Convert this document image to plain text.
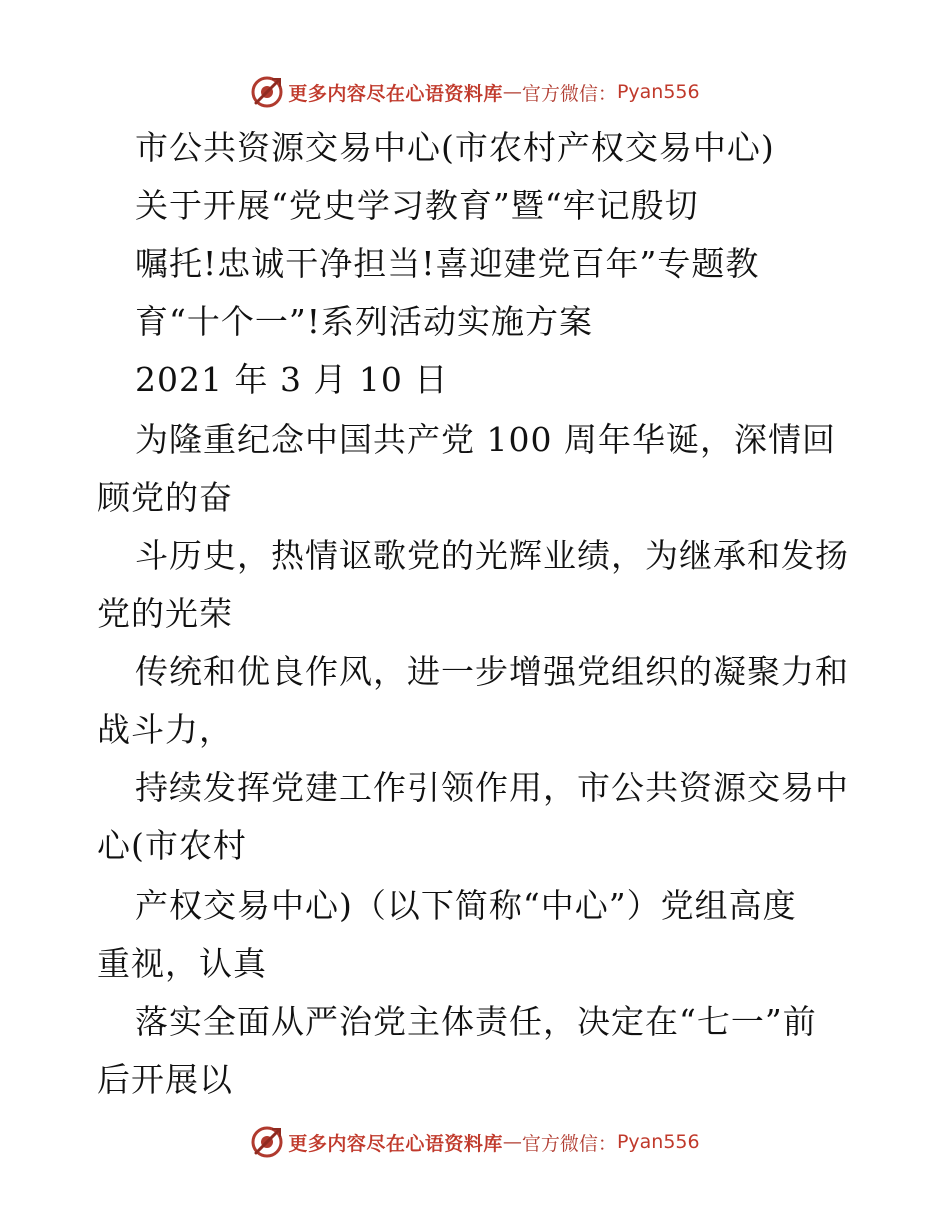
更多内容尽在心语资料库 — 官方微信： Pyan556
市公共资源交易中心(市农村产权交易中心)
关于开展“党史学习教育”暨“牢记殷切
嘱托!忠诚干净担当!喜迎建党百年”专题教
育“十个一”!系列活动实施方案
2021 年 3 月 10 日
为隆重纪念中国共产党 100 周年华诞，深情回
顾党的奋
斗历史，热情讴歌党的光辉业绩，为继承和发扬
党的光荣
传统和优良作风，进一步增强党组织的凝聚力和
战斗力，
持续发挥党建工作引领作用，市公共资源交易中
心(市农村
产权交易中心)（以下简称“中心”）党组高度
重视，认真
落实全面从严治党主体责任，决定在“七一”前
后开展以
更多内容尽在心语资料库 — 官方微信： Pyan556
